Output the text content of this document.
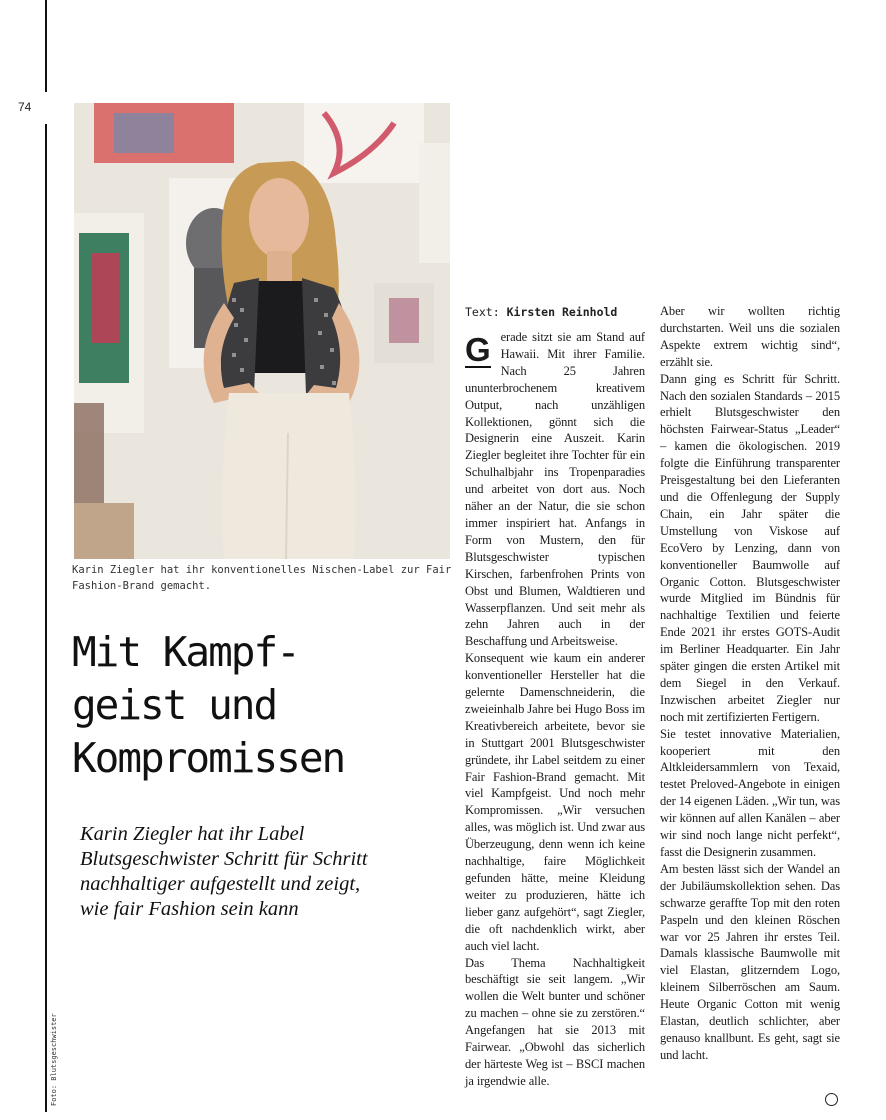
74
Karin Ziegler hat ihr konventionelles Nischen-Label zur Fair Fashion-Brand gemacht.
Mit Kampf-
geist und
Kompromissen
Karin Ziegler hat ihr Label
Blutsgeschwister Schritt für Schritt
nachhaltiger aufgestellt und zeigt,
wie fair Fashion sein kann
Foto: Blutsgeschwister
Text: Kirsten Reinhold

G erade sitzt sie am Stand auf Hawaii. Mit ihrer Familie. Nach 25 Jahren ununterbrochenem kreativem Output, nach unzähligen Kollektionen, gönnt sich die Designerin eine Auszeit. Karin Ziegler begleitet ihre Tochter für ein Schulhalbjahr ins Tropenparadies und arbeitet von dort aus. Noch näher an der Natur, die sie schon immer inspiriert hat. Anfangs in Form von Mustern, den für Blutsgeschwister typischen Kirschen, farbenfrohen Prints von Obst und Blumen, Waldtieren und Wasserpflanzen. Und seit mehr als zehn Jahren auch in der Beschaffung und Arbeitsweise.

Konsequent wie kaum ein anderer konventioneller Hersteller hat die gelernte Damenschneiderin, die zweieinhalb Jahre bei Hugo Boss im Kreativbereich arbeitete, bevor sie in Stuttgart 2001 Blutsgeschwister gründete, ihr Label seitdem zu einer Fair Fashion-Brand gemacht. Mit viel Kampfgeist. Und noch mehr Kompromissen. „Wir versuchen alles, was möglich ist. Und zwar aus Überzeugung, denn wenn ich keine nachhaltige, faire Möglichkeit gefunden hätte, meine Kleidung weiter zu produzieren, hätte ich lieber ganz aufgehört“, sagt Ziegler, die oft nachdenklich wirkt, aber auch viel lacht.

Das Thema Nachhaltigkeit beschäftigt sie seit langem. „Wir wollen die Welt bunter und schöner zu machen – ohne sie zu zerstören.“ Angefangen hat sie 2013 mit Fairwear. „Obwohl das sicherlich der härteste Weg ist – BSCI machen ja irgendwie alle.

Aber wir wollten richtig durchstarten. Weil uns die sozialen Aspekte extrem wichtig sind“, erzählt sie.

Dann ging es Schritt für Schritt. Nach den sozialen Standards – 2015 erhielt Blutsgeschwister den höchsten Fairwear-Status „Leader“ – kamen die ökologischen. 2019 folgte die Einführung transparenter Preisgestaltung bei den Lieferanten und die Offenlegung der Supply Chain, ein Jahr später die Umstellung von Viskose auf EcoVero by Lenzing, dann von konventioneller Baumwolle auf Organic Cotton. Blutsgeschwister wurde Mitglied im Bündnis für nachhaltige Textilien und feierte Ende 2021 ihr erstes GOTS-Audit im Berliner Headquarter. Ein Jahr später gingen die ersten Artikel mit dem Siegel in den Verkauf. Inzwischen arbeitet Ziegler nur noch mit zertifizierten Fertigern.

Sie testet innovative Materialien, kooperiert mit den Altkleidersammlern von Texaid, testet Preloved-Angebote in einigen der 14 eigenen Läden. „Wir tun, was wir können auf allen Kanälen – aber wir sind noch lange nicht perfekt“, fasst die Designerin zusammen.

Am besten lässt sich der Wandel an der Jubiläumskollektion sehen. Das schwarze geraffte Top mit den roten Paspeln und den kleinen Röschen war vor 25 Jahren ihr erstes Teil. Damals klassische Baumwolle mit viel Elastan, glitzerndem Logo, kleinem Silberröschen am Saum. Heute Organic Cotton mit wenig Elastan, deutlich schlichter, aber genauso knallbunt. Es geht, sagt sie und lacht.
